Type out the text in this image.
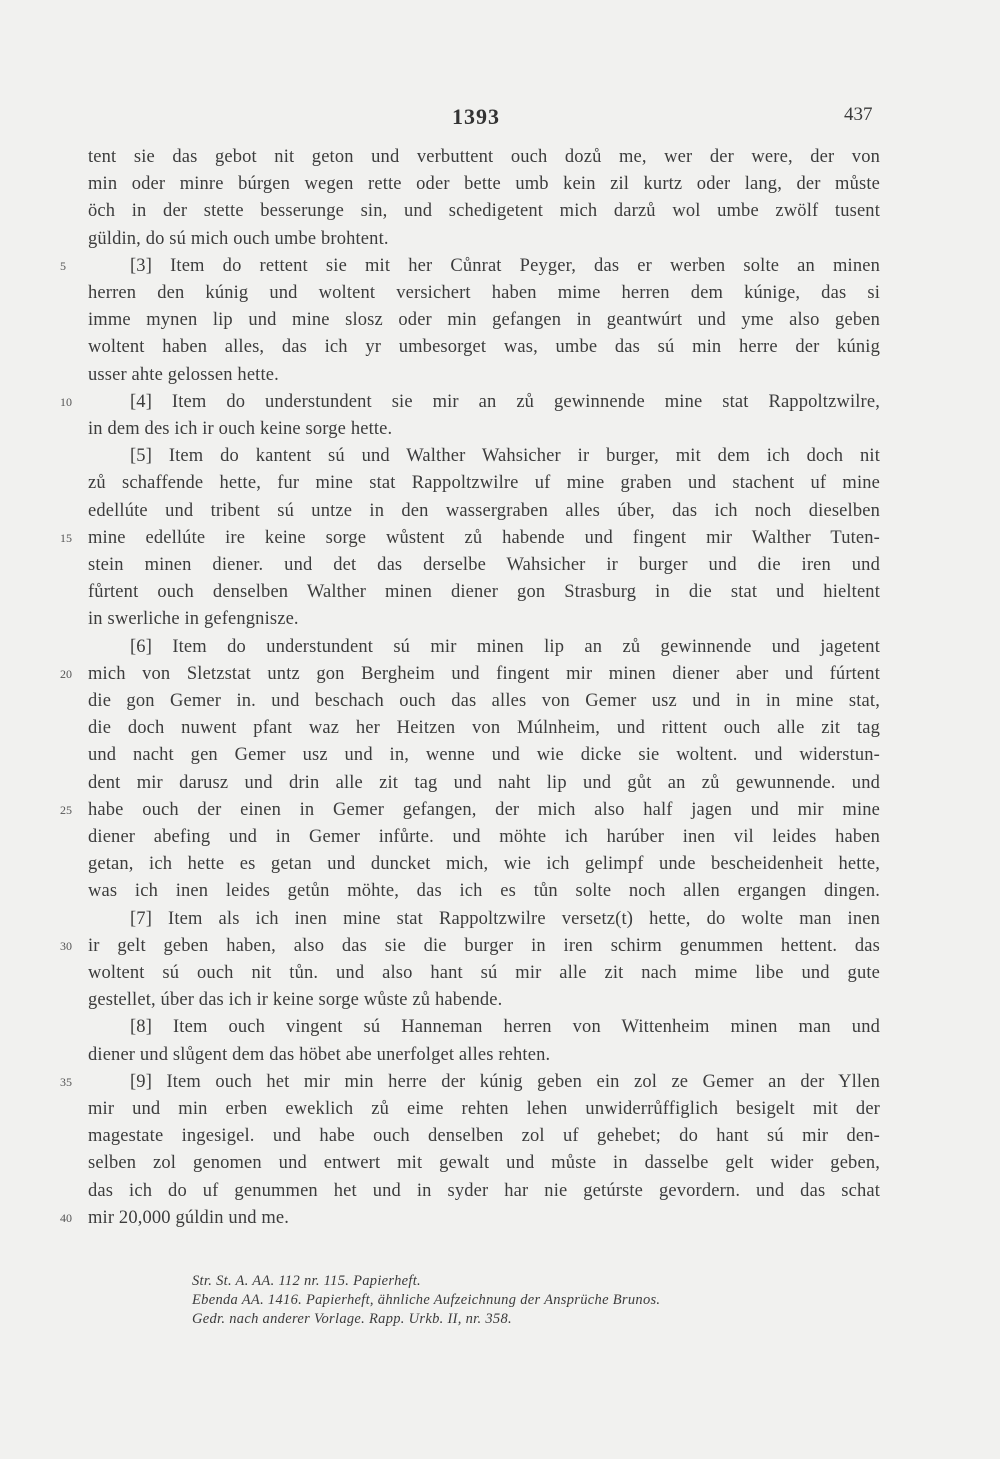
1393	437
tent sie das gebot nit geton und verbuttent ouch dozů me, wer der were, der von
min oder minre búrgen wegen rette oder bette umb kein zil kurtz oder lang, der můste
öch in der stette besserunge sin, und schedigetent mich darzů wol umbe zwölf tusent
güldin, do sú mich ouch umbe brohtent.
[3] Item do rettent sie mit her Cůnrat Peyger, das er werben solte an minen
herren den kúnig und woltent versichert haben mime herren dem kúnige, das si
imme mynen lip und mine slosz oder min gefangen in geantwúrt und yme also geben
woltent haben alles, das ich yr umbesorget was, umbe das sú min herre der kúnig
usser ahte gelossen hette.
[4] Item do understundent sie mir an zů gewinnende mine stat Rappoltzwilre,
in dem des ich ir ouch keine sorge hette.
[5] Item do kantent sú und Walther Wahsicher ir burger, mit dem ich doch nit
zů schaffende hette, fur mine stat Rappoltzwilre uf mine graben und stachent uf mine
edellúte und tribent sú untze in den wassergraben alles úber, das ich noch dieselben
mine edellúte ire keine sorge wůstent zů habende und fingent mir Walther Tuten-
stein minen diener. und det das derselbe Wahsicher ir burger und die iren und
fůrtent ouch denselben Walther minen diener gon Strasburg in die stat und hieltent
in swerliche in gefengnisze.
[6] Item do understundent sú mir minen lip an zů gewinnende und jagetent
mich von Sletzstat untz gon Bergheim und fingent mir minen diener aber und fúrtent
die gon Gemer in. und beschach ouch das alles von Gemer usz und in in mine stat,
die doch nuwent pfant waz her Heitzen von Múlnheim, und rittent ouch alle zit tag
und nacht gen Gemer usz und in, wenne und wie dicke sie woltent. und widerstun-
dent mir darusz und drin alle zit tag und naht lip und gůt an zů gewunnende. und
habe ouch der einen in Gemer gefangen, der mich also half jagen und mir mine
diener abefing und in Gemer infůrte. und möhte ich harúber inen vil leides haben
getan, ich hette es getan und duncket mich, wie ich gelimpf unde bescheidenheit hette,
was ich inen leides getůn möhte, das ich es tůn solte noch allen ergangen dingen.
[7] Item als ich inen mine stat Rappoltzwilre versetz(t) hette, do wolte man inen
ir gelt geben haben, also das sie die burger in iren schirm genummen hettent. das
woltent sú ouch nit tůn. und also hant sú mir alle zit nach mime libe und gute
gestellet, úber das ich ir keine sorge wůste zů habende.
[8] Item ouch vingent sú Hanneman herren von Wittenheim minen man und
diener und slůgent dem das höbet abe unerfolget alles rehten.
[9] Item ouch het mir min herre der kúnig geben ein zol ze Gemer an der Yllen
mir und min erben eweklich zů eime rehten lehen unwiderrůffiglich besigelt mit der
magestate ingesigel. und habe ouch denselben zol uf gehebet; do hant sú mir den-
selben zol genomen und entwert mit gewalt und můste in dasselbe gelt wider geben,
das ich do uf genummen het und in syder har nie getúrste gevordern. und das schat
mir 20,000 gúldin und me.
5
10
15
20
25
30
35
40
Str. St. A. AA. 112 nr. 115. Papierheft.
Ebenda AA. 1416. Papierheft, ähnliche Aufzeichnung der Ansprüche Brunos.
Gedr. nach anderer Vorlage. Rapp. Urkb. II, nr. 358.
